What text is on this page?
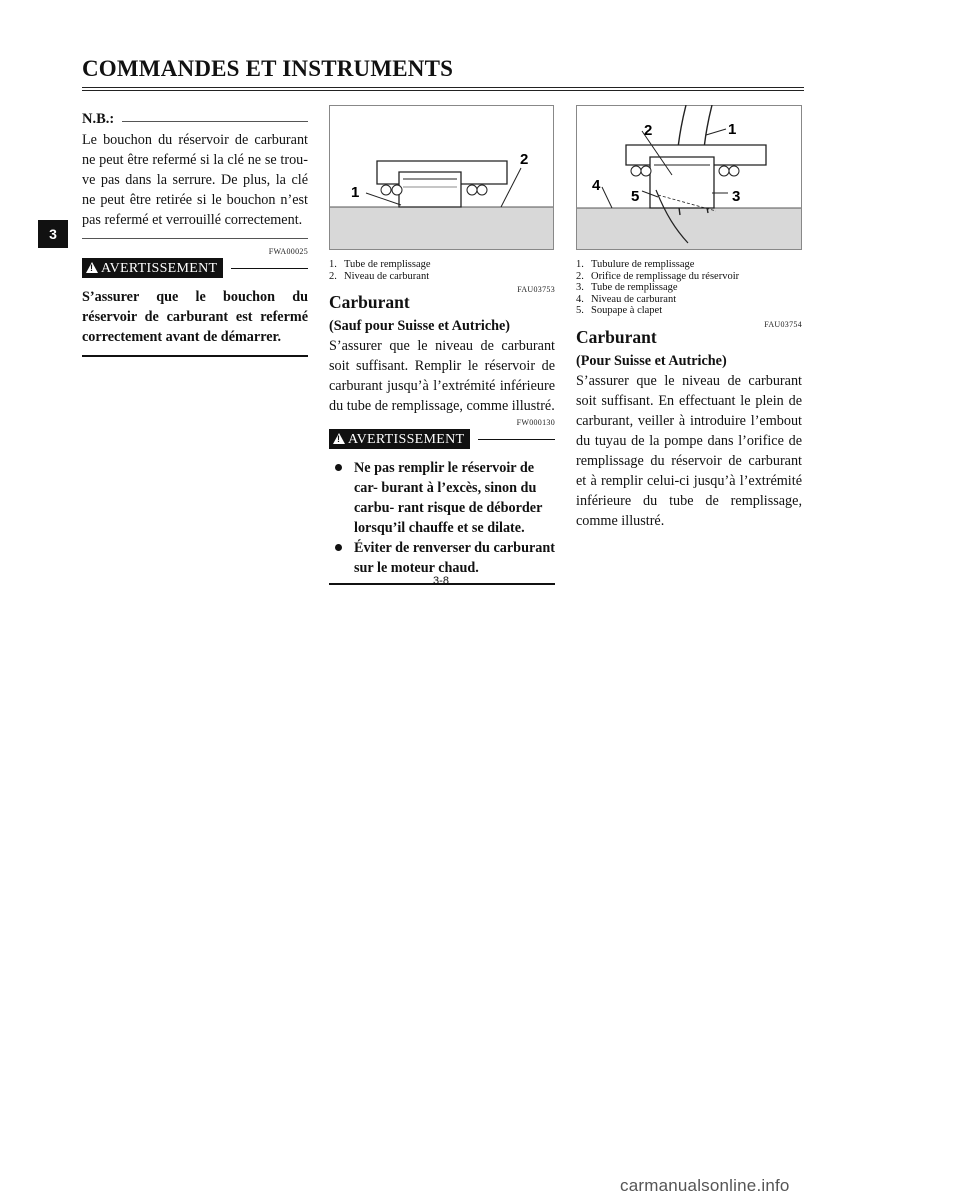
COMMANDES ET INSTRUMENTS
3
N.B.:
Le bouchon du réservoir de carburant ne peut être refermé si la clé ne se trou- ve pas dans la serrure. De plus, la clé ne peut être retirée si le bouchon n’est pas refermé et verrouillé correctement.
FWA00025
! AVERTISSEMENT
S’assurer que le bouchon du réservoir de carburant est refermé correctement avant de démarrer.
1
2
1. Tube de remplissage
2. Niveau de carburant
FAU03753
Carburant
(Sauf pour Suisse et Autriche)
S’assurer que le niveau de carburant soit suffisant. Remplir le réservoir de carburant jusqu’à l’extrémité inférieure du tube de remplissage, comme illustré.
FW000130
! AVERTISSEMENT
Ne pas remplir le réservoir de car- burant à l’excès, sinon du carbu- rant risque de déborder lorsqu’il chauffe et se dilate.
Éviter de renverser du carburant sur le moteur chaud.
1
2
3
4
5
1. Tubulure de remplissage
2. Orifice de remplissage du réservoir
3. Tube de remplissage
4. Niveau de carburant
5. Soupape à clapet
FAU03754
Carburant
(Pour Suisse et Autriche)
S’assurer que le niveau de carburant soit suffisant. En effectuant le plein de carburant, veiller à introduire l’embout du tuyau de la pompe dans l’orifice de remplissage du réservoir de carburant et à remplir celui-ci jusqu’à l’extrémité inférieure du tube de remplissage, comme illustré.
3-8
carmanualsonline.info
